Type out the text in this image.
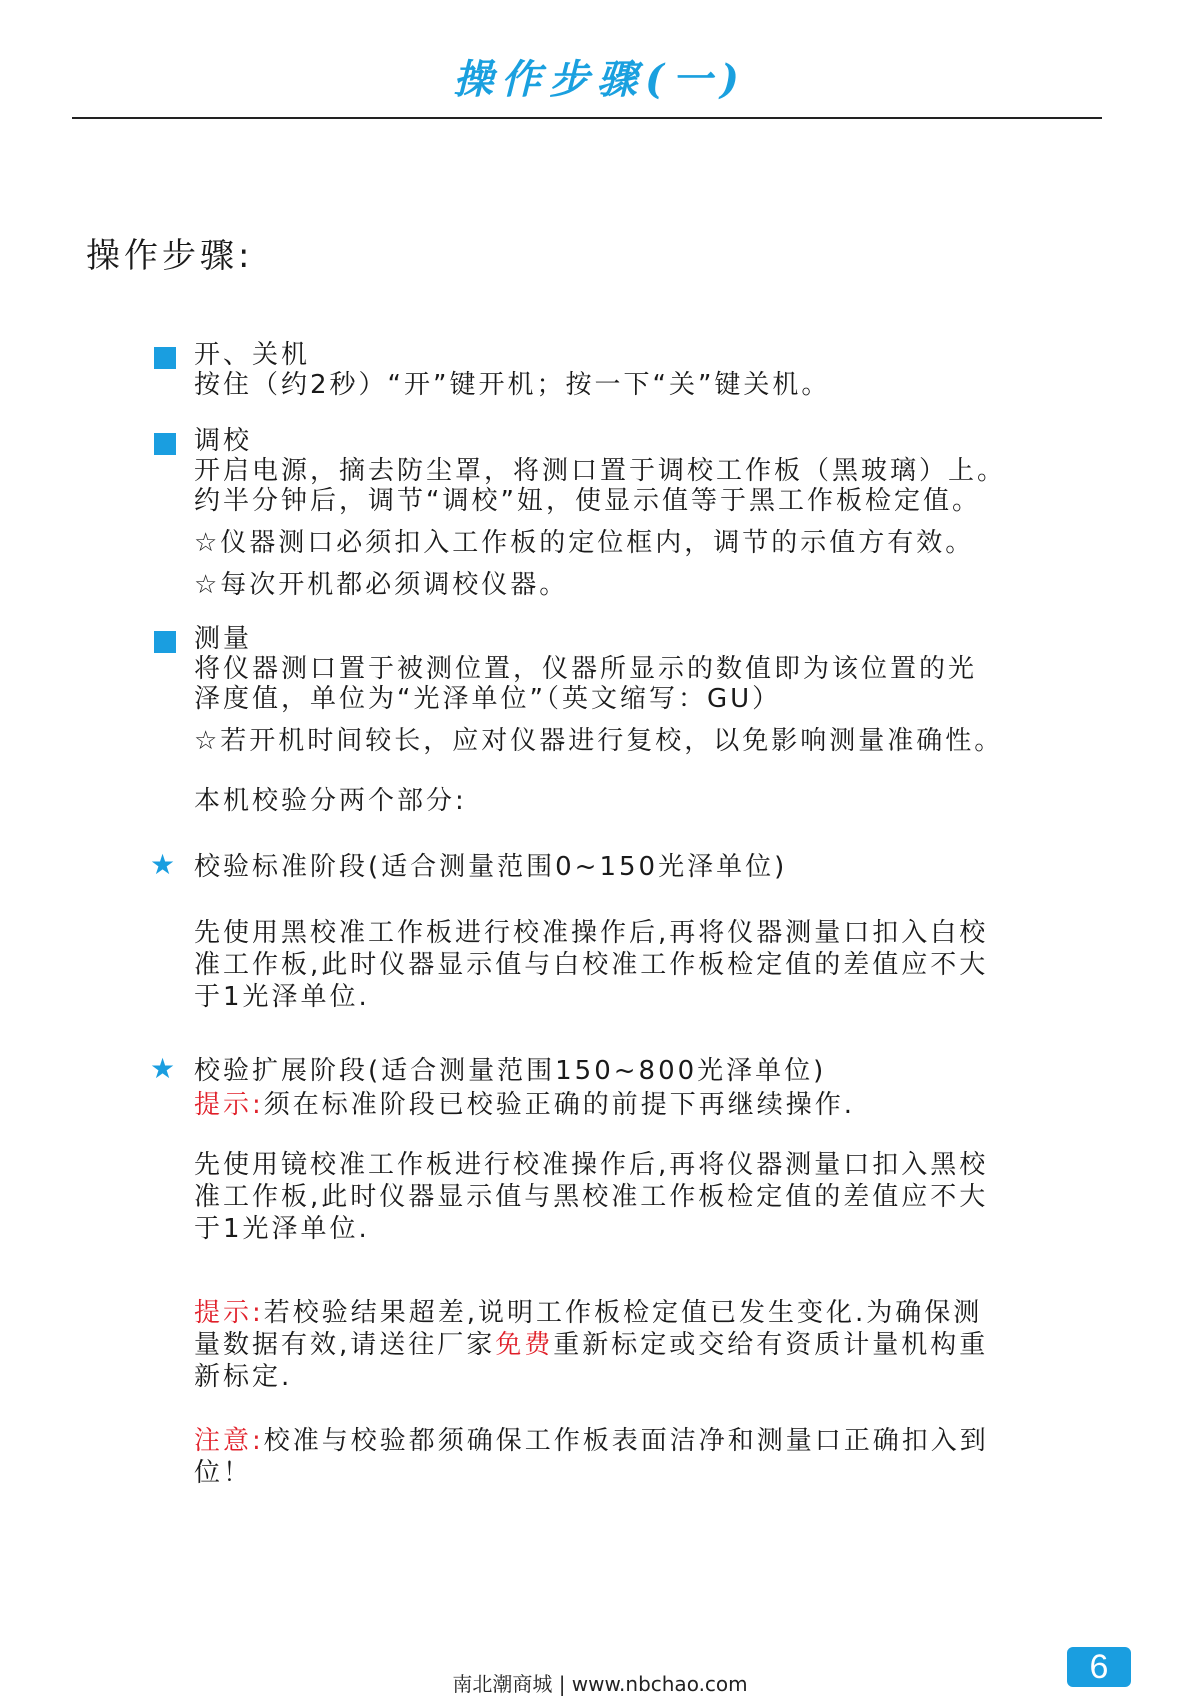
操作步骤(一)
操作步骤:
开、关机
按住（约2秒）“开”键开机；按一下“关”键关机。
调校
开启电源，摘去防尘罩，将测口置于调校工作板（黑玻璃）上。
约半分钟后，调节“调校”妞，使显示值等于黑工作板检定值。
☆仪器测口必须扣入工作板的定位框内，调节的示值方有效。
☆每次开机都必须调校仪器。
测量
将仪器测口置于被测位置，仪器所显示的数值即为该位置的光
泽度值，单位为“光泽单位”（英文缩写：GU）
☆若开机时间较长，应对仪器进行复校，以免影响测量准确性。
本机校验分两个部分:
★ 校验标准阶段(适合测量范围0~150光泽单位)
先使用黑校准工作板进行校准操作后,再将仪器测量口扣入白校
准工作板,此时仪器显示值与白校准工作板检定值的差值应不大
于1光泽单位.
★ 校验扩展阶段(适合测量范围150~800光泽单位)
提示:须在标准阶段已校验正确的前提下再继续操作.
先使用镜校准工作板进行校准操作后,再将仪器测量口扣入黑校
准工作板,此时仪器显示值与黑校准工作板检定值的差值应不大
于1光泽单位.
提示:若校验结果超差,说明工作板检定值已发生变化.为确保测
量数据有效,请送往厂家免费重新标定或交给有资质计量机构重
新标定.
注意:校准与校验都须确保工作板表面洁净和测量口正确扣入到
位！
南北潮商城 | www.nbchao.com	6
